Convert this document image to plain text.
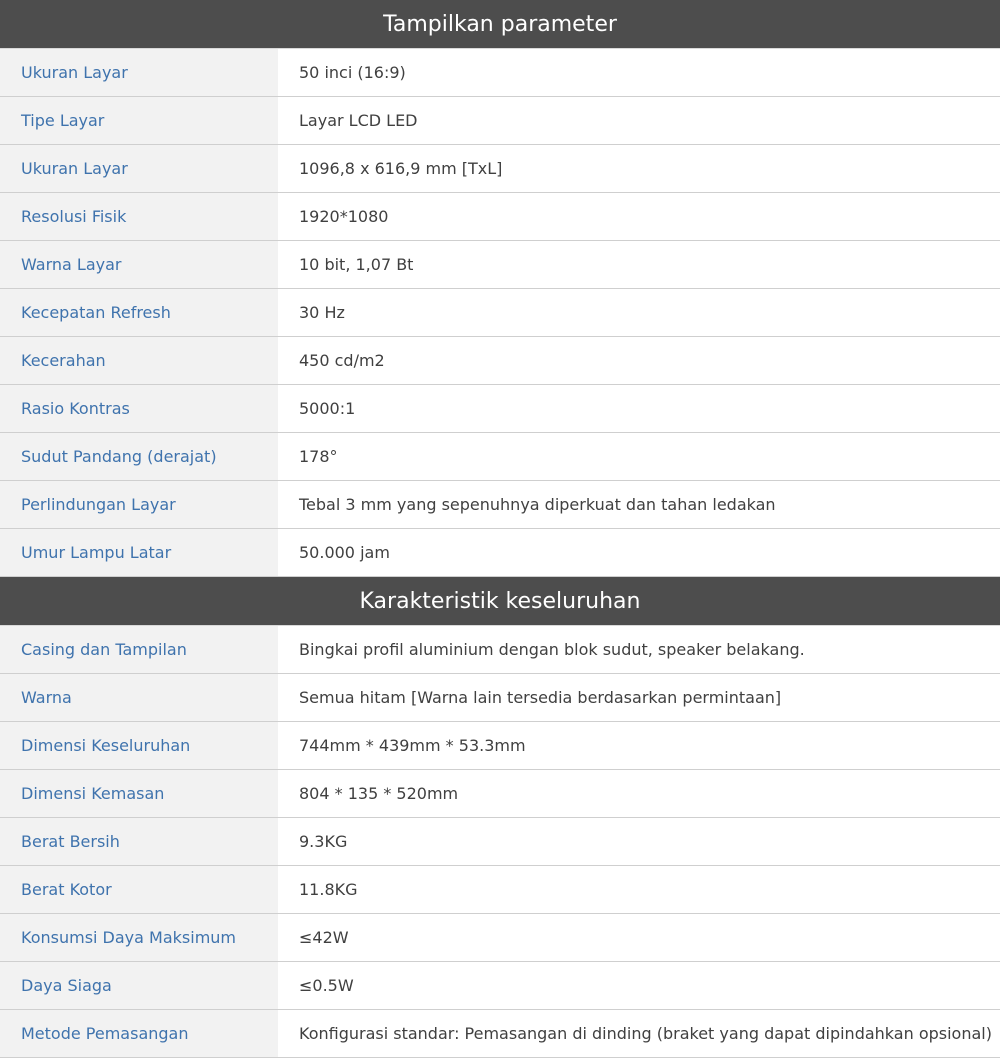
Tampilkan parameter
Ukuran Layar	50 inci (16:9)
Tipe Layar	Layar LCD LED
Ukuran Layar	1096,8 x 616,9 mm [TxL]
Resolusi Fisik	1920*1080
Warna Layar	10 bit, 1,07 Bt
Kecepatan Refresh	30 Hz
Kecerahan	450 cd/m2
Rasio Kontras	5000:1
Sudut Pandang (derajat)	178°
Perlindungan Layar	Tebal 3 mm yang sepenuhnya diperkuat dan tahan ledakan
Umur Lampu Latar	50.000 jam
Karakteristik keseluruhan
Casing dan Tampilan	Bingkai profil aluminium dengan blok sudut, speaker belakang.
Warna	Semua hitam [Warna lain tersedia berdasarkan permintaan]
Dimensi Keseluruhan	744mm * 439mm * 53.3mm
Dimensi Kemasan	804 * 135 * 520mm
Berat Bersih	9.3KG
Berat Kotor	11.8KG
Konsumsi Daya Maksimum	≤42W
Daya Siaga	≤0.5W
Metode Pemasangan	Konfigurasi standar: Pemasangan di dinding (braket yang dapat dipindahkan opsional)
